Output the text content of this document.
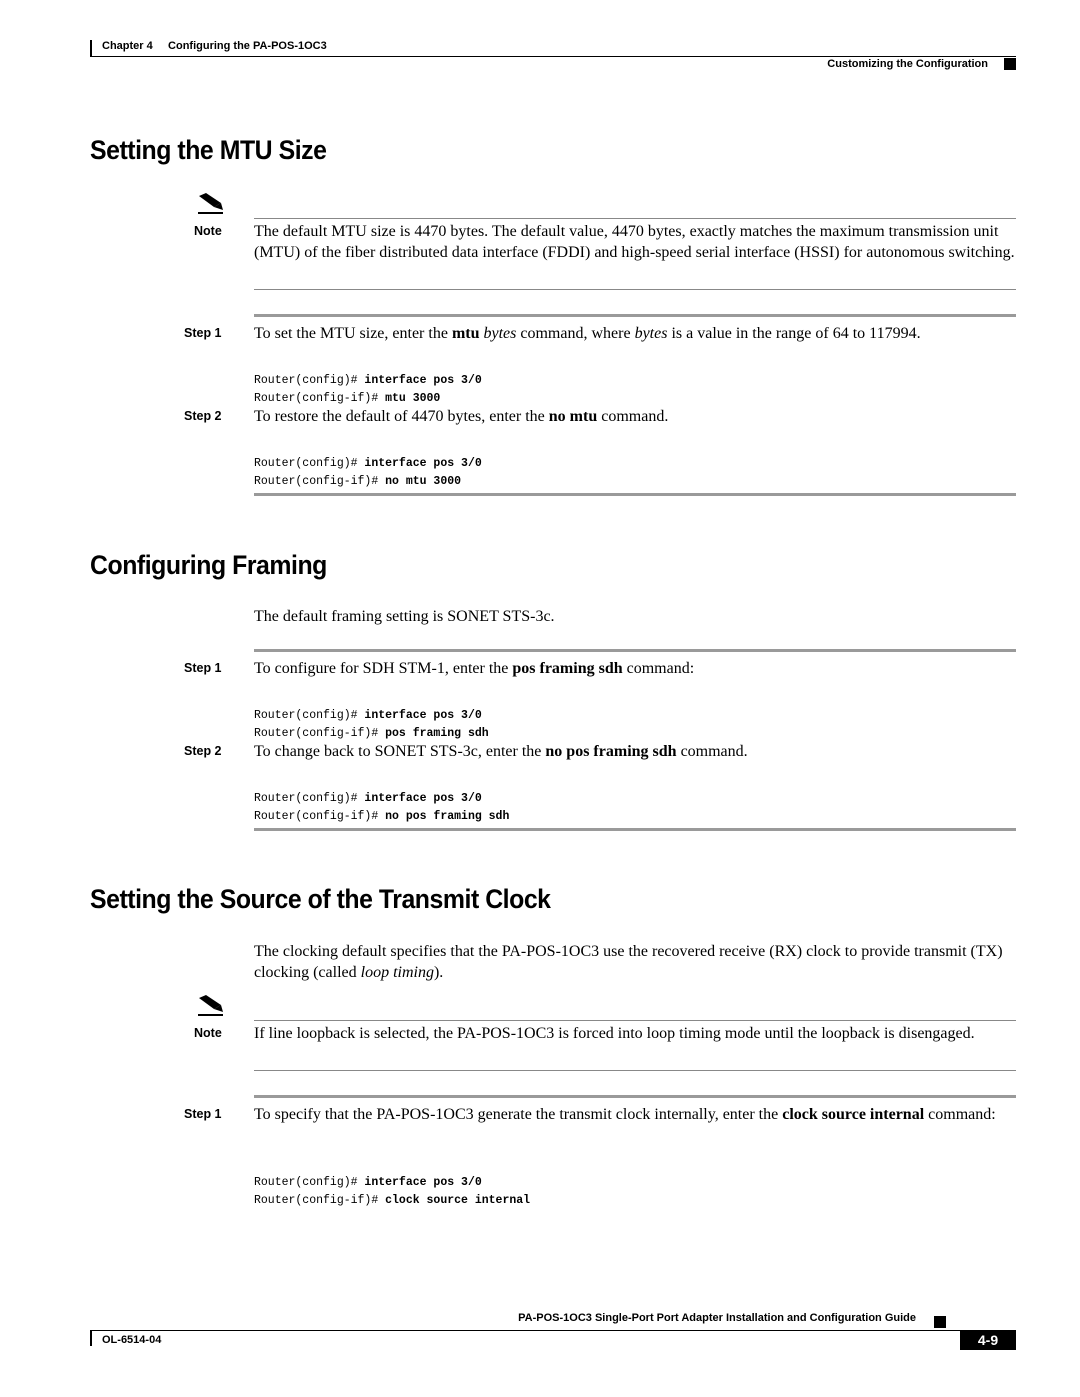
Chapter 4 Configuring the PA-POS-1OC3
Customizing the Configuration
Setting the MTU Size
Note The default MTU size is 4470 bytes. The default value, 4470 bytes, exactly matches the maximum transmission unit (MTU) of the fiber distributed data interface (FDDI) and high-speed serial interface (HSSI) for autonomous switching.
Step 1 To set the MTU size, enter the mtu bytes command, where bytes is a value in the range of 64 to 117994.

Router(config)# interface pos 3/0
Router(config-if)# mtu 3000
Step 2 To restore the default of 4470 bytes, enter the no mtu command.

Router(config)# interface pos 3/0
Router(config-if)# no mtu 3000
Configuring Framing
The default framing setting is SONET STS-3c.
Step 1 To configure for SDH STM-1, enter the pos framing sdh command:

Router(config)# interface pos 3/0
Router(config-if)# pos framing sdh
Step 2 To change back to SONET STS-3c, enter the no pos framing sdh command.

Router(config)# interface pos 3/0
Router(config-if)# no pos framing sdh
Setting the Source of the Transmit Clock
The clocking default specifies that the PA-POS-1OC3 use the recovered receive (RX) clock to provide transmit (TX) clocking (called loop timing).
Note If line loopback is selected, the PA-POS-1OC3 is forced into loop timing mode until the loopback is disengaged.
Step 1 To specify that the PA-POS-1OC3 generate the transmit clock internally, enter the clock source internal command:

Router(config)# interface pos 3/0
Router(config-if)# clock source internal
PA-POS-1OC3 Single-Port Port Adapter Installation and Configuration Guide
OL-6514-04	4-9
